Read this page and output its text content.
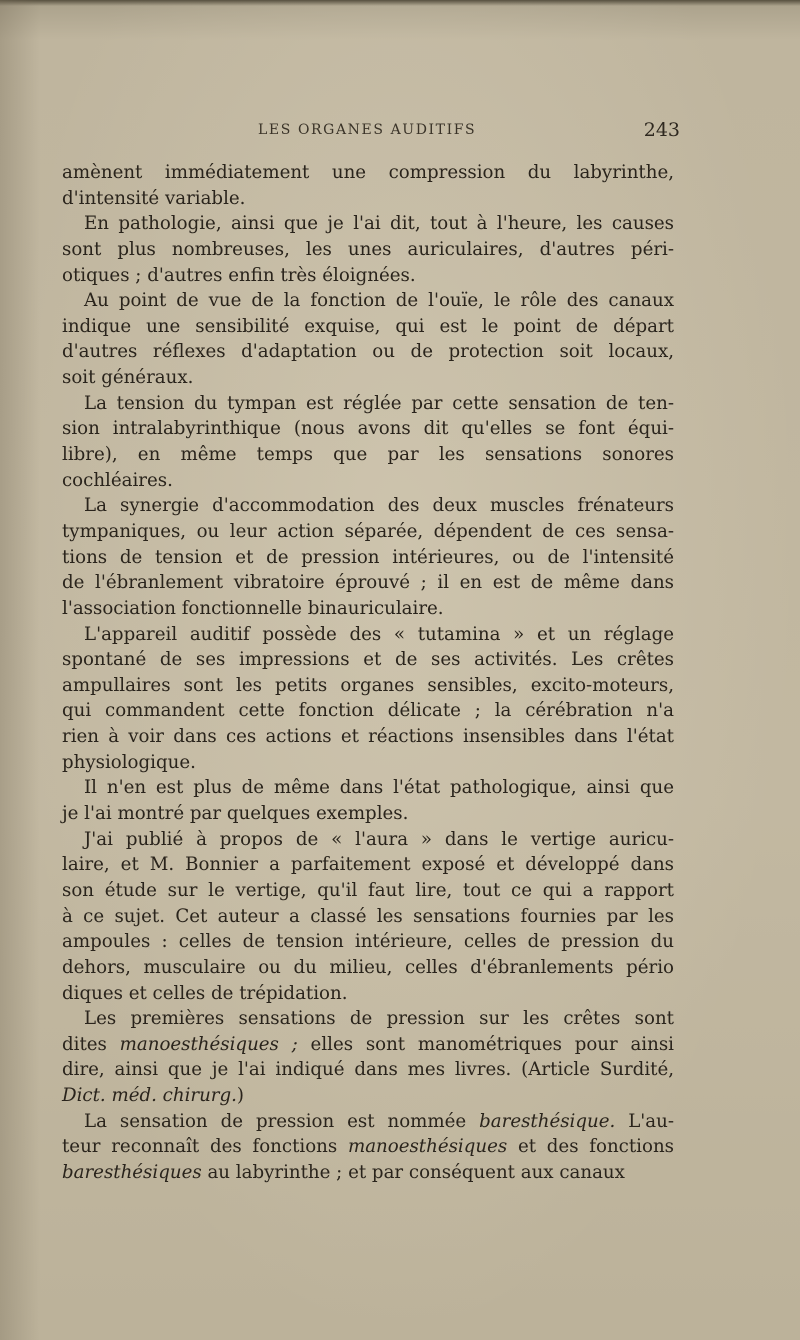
LES ORGANES AUDITIFS	243
amènent immédiatement une compression du labyrinthe,
d'intensité variable.
En pathologie, ainsi que je l'ai dit, tout à l'heure, les causes
sont plus nombreuses, les unes auriculaires, d'autres péri-
otiques ; d'autres enfin très éloignées.
Au point de vue de la fonction de l'ouïe, le rôle des canaux
indique une sensibilité exquise, qui est le point de départ
d'autres réflexes d'adaptation ou de protection soit locaux,
soit généraux.
La tension du tympan est réglée par cette sensation de ten-
sion intralabyrinthique (nous avons dit qu'elles se font équi-
libre), en même temps que par les sensations sonores
cochléaires.
La synergie d'accommodation des deux muscles frénateurs
tympaniques, ou leur action séparée, dépendent de ces sensa-
tions de tension et de pression intérieures, ou de l'intensité
de l'ébranlement vibratoire éprouvé ; il en est de même dans
l'association fonctionnelle binauriculaire.
L'appareil auditif possède des « tutamina » et un réglage
spontané de ses impressions et de ses activités. Les crêtes
ampullaires sont les petits organes sensibles, excito-moteurs,
qui commandent cette fonction délicate ; la cérébration n'a
rien à voir dans ces actions et réactions insensibles dans l'état
physiologique.
Il n'en est plus de même dans l'état pathologique, ainsi que
je l'ai montré par quelques exemples.
J'ai publié à propos de « l'aura » dans le vertige auricu-
laire, et M. Bonnier a parfaitement exposé et développé dans
son étude sur le vertige, qu'il faut lire, tout ce qui a rapport
à ce sujet. Cet auteur a classé les sensations fournies par les
ampoules : celles de tension intérieure, celles de pression du
dehors, musculaire ou du milieu, celles d'ébranlements pério
diques et celles de trépidation.
Les premières sensations de pression sur les crêtes sont
dites manoesthésiques ; elles sont manométriques pour ainsi
dire, ainsi que je l'ai indiqué dans mes livres. (Article Surdité,
Dict. méd. chirurg.)
La sensation de pression est nommée baresthésique. L'au-
teur reconnaît des fonctions manoesthésiques et des fonctions
baresthésiques au labyrinthe ; et par conséquent aux canaux
